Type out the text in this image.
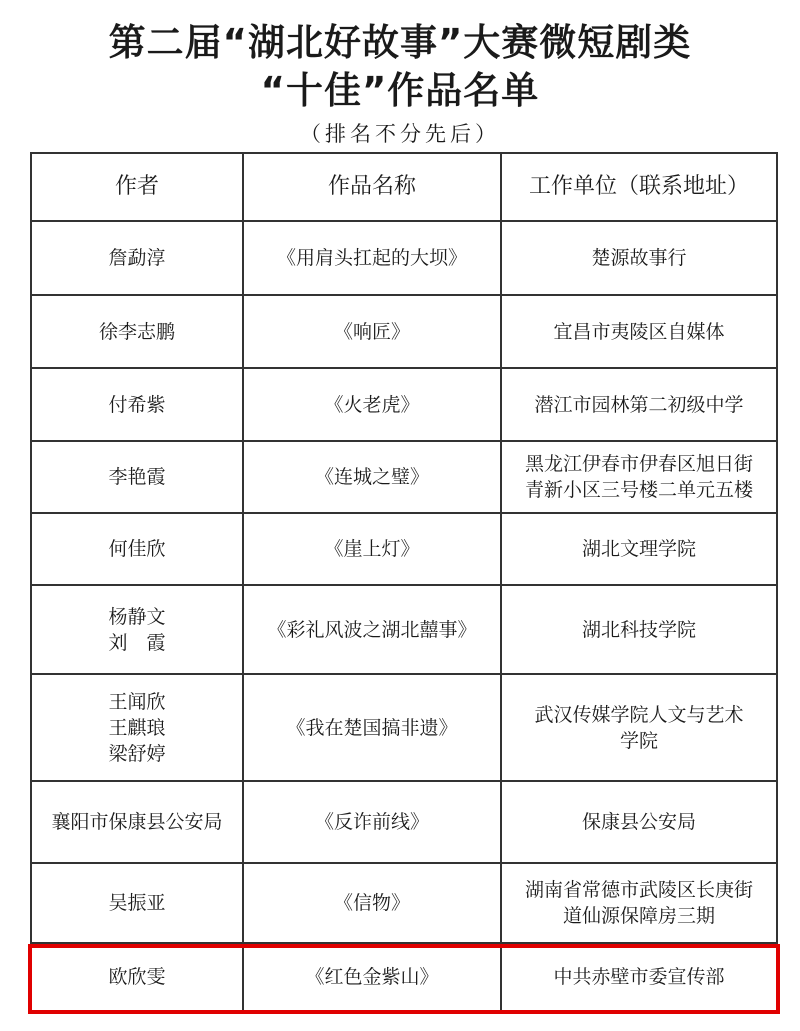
第二届“湖北好故事”大赛微短剧类
“十佳”作品名单
（排名不分先后）
作者	作品名称	工作单位（联系地址）
詹勐淳	《用肩头扛起的大坝》	楚源故事行
徐李志鹏	《响匠》	宜昌市夷陵区自媒体
付希紫	《火老虎》	潜江市园林第二初级中学
李艳霞	《连城之璧》	黑龙江伊春市伊春区旭日街
青新小区三号楼二单元五楼
何佳欣	《崖上灯》	湖北文理学院
杨静文
刘　霞	《彩礼风波之湖北囍事》	湖北科技学院
王闻欣
王麒琅
梁舒婷	《我在楚国搞非遗》	武汉传媒学院人文与艺术
学院
襄阳市保康县公安局	《反诈前线》	保康县公安局
吴振亚	《信物》	湖南省常德市武陵区长庚街
道仙源保障房三期
欧欣雯	《红色金紫山》	中共赤壁市委宣传部
